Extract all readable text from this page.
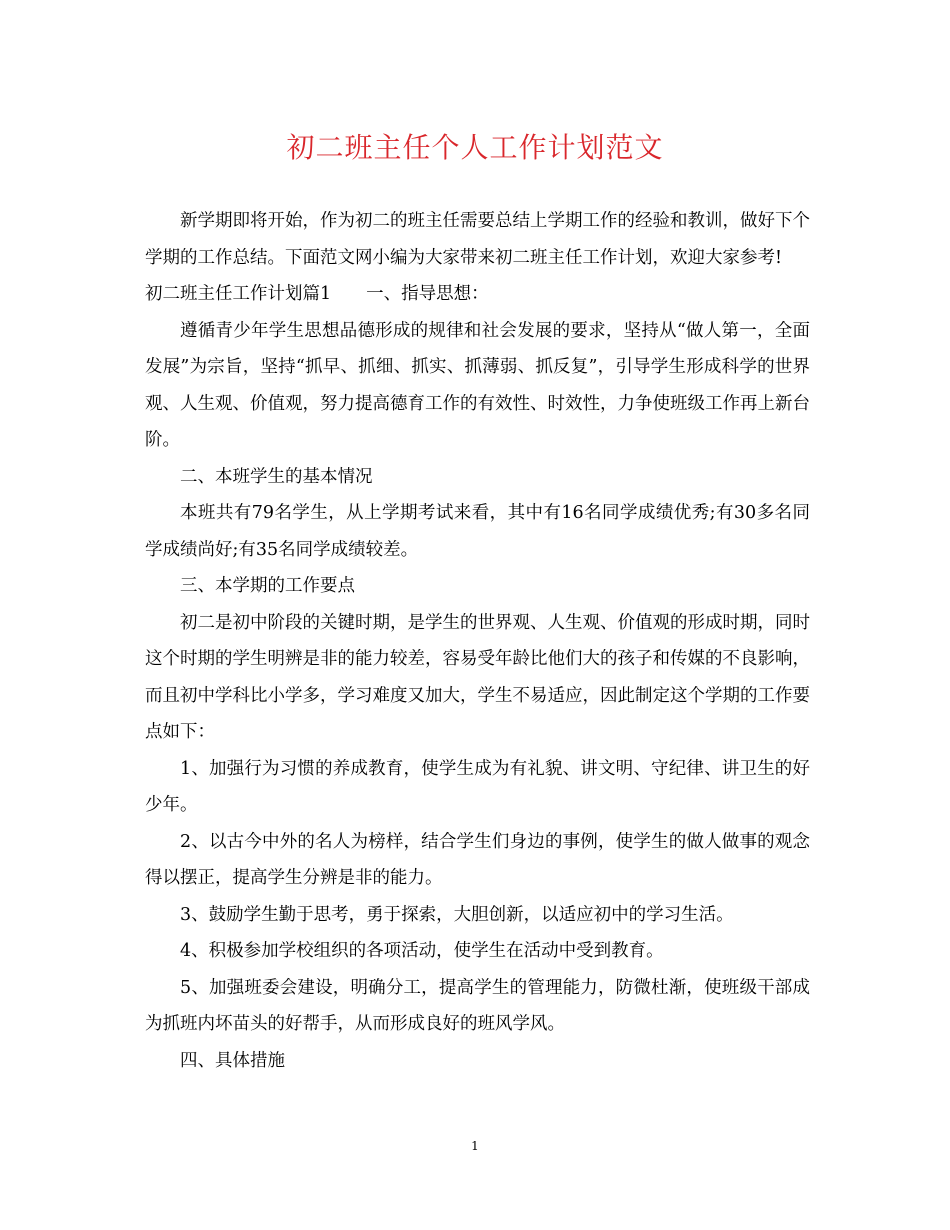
初二班主任个人工作计划范文

新学期即将开始，作为初二的班主任需要总结上学期工作的经验和教训，做好下个学期的工作总结。下面范文网小编为大家带来初二班主任工作计划，欢迎大家参考!

初二班主任工作计划篇1　　一、指导思想：

遵循青少年学生思想品德形成的规律和社会发展的要求，坚持从“做人第一，全面发展”为宗旨，坚持“抓早、抓细、抓实、抓薄弱、抓反复”，引导学生形成科学的世界观、人生观、价值观，努力提高德育工作的有效性、时效性，力争使班级工作再上新台阶。

二、本班学生的基本情况

本班共有79名学生，从上学期考试来看，其中有16名同学成绩优秀;有30多名同学成绩尚好;有35名同学成绩较差。

三、本学期的工作要点

初二是初中阶段的关键时期，是学生的世界观、人生观、价值观的形成时期，同时这个时期的学生明辨是非的能力较差，容易受年龄比他们大的孩子和传媒的不良影响，而且初中学科比小学多，学习难度又加大，学生不易适应，因此制定这个学期的工作要点如下：

1、加强行为习惯的养成教育，使学生成为有礼貌、讲文明、守纪律、讲卫生的好少年。

2、以古今中外的名人为榜样，结合学生们身边的事例，使学生的做人做事的观念得以摆正，提高学生分辨是非的能力。

3、鼓励学生勤于思考，勇于探索，大胆创新，以适应初中的学习生活。

4、积极参加学校组织的各项活动，使学生在活动中受到教育。

5、加强班委会建设，明确分工，提高学生的管理能力，防微杜渐，使班级干部成为抓班内坏苗头的好帮手，从而形成良好的班风学风。

四、具体措施

1
